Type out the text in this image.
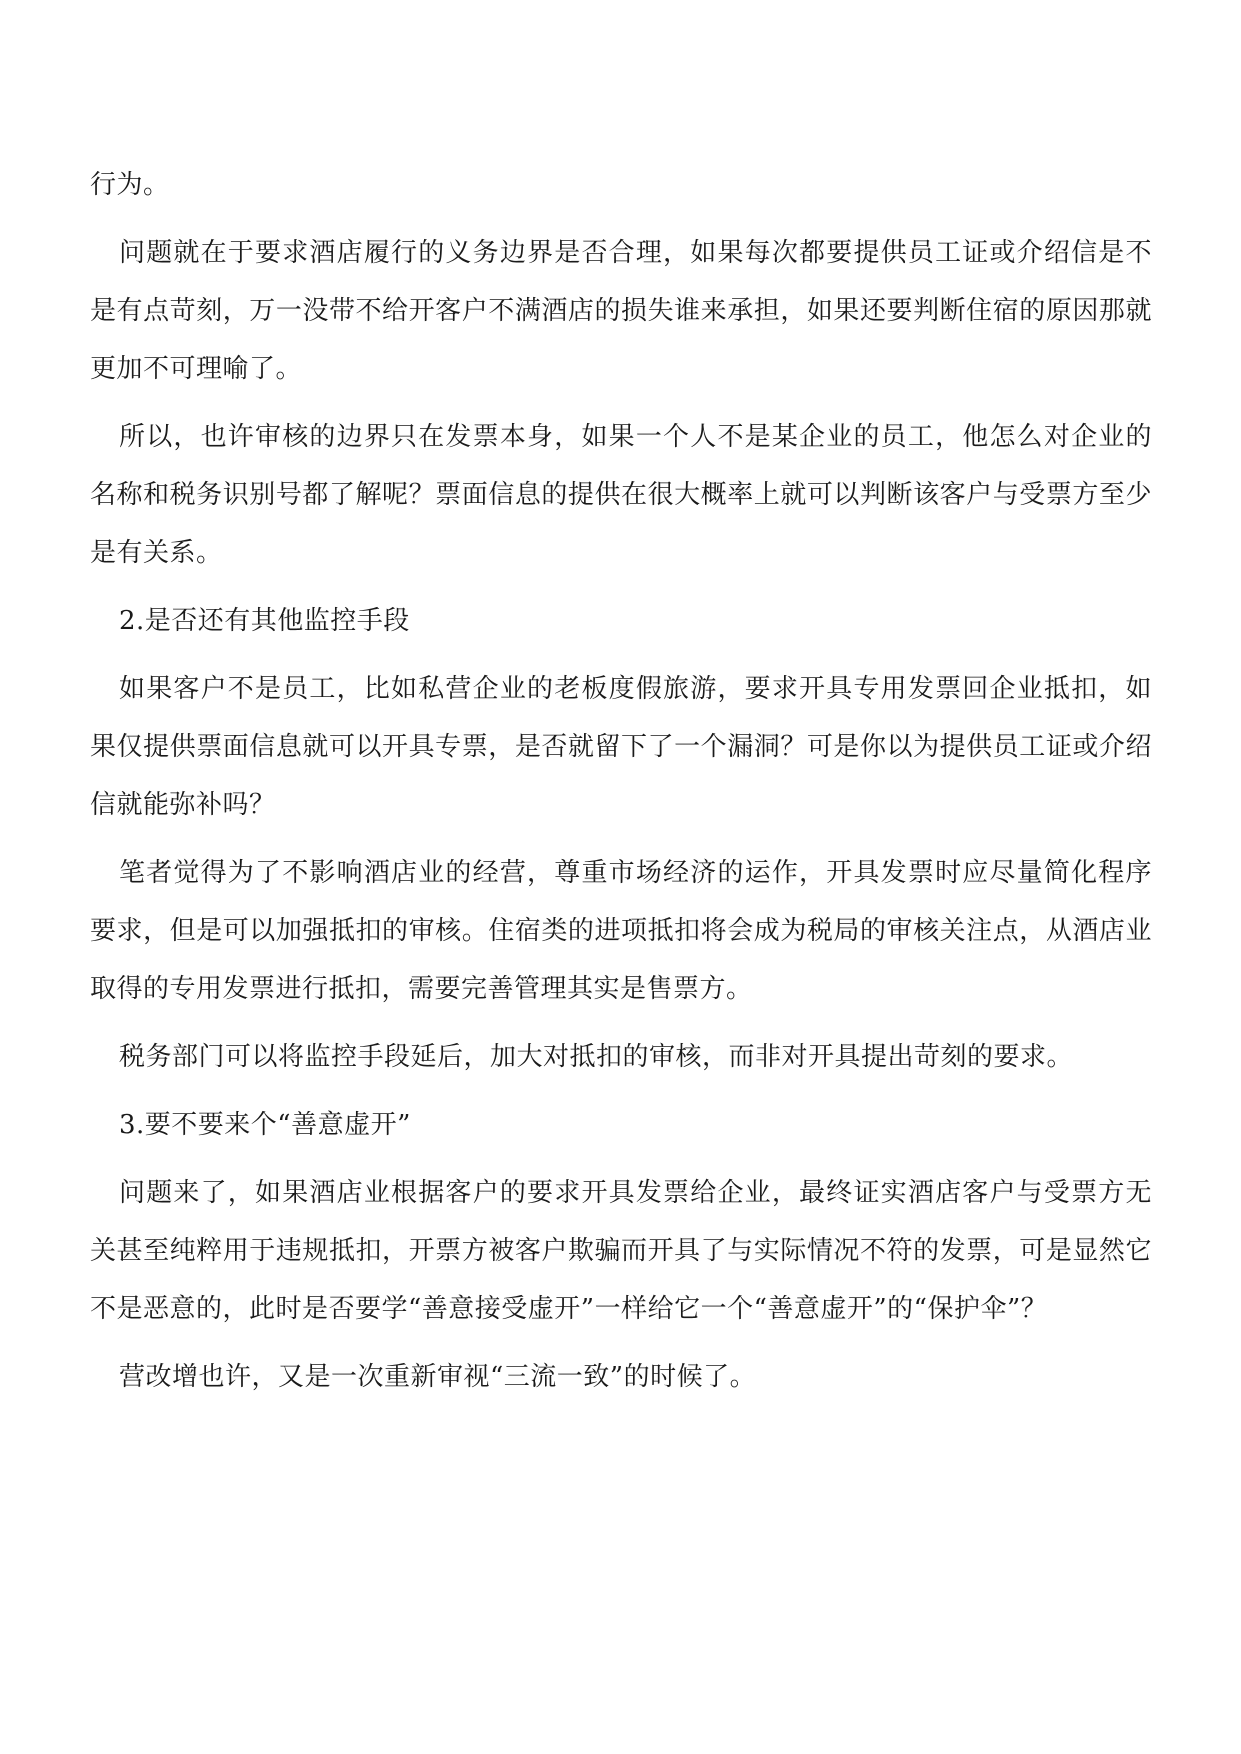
行为。

问题就在于要求酒店履行的义务边界是否合理，如果每次都要提供员工证或介绍信是不是有点苛刻，万一没带不给开客户不满酒店的损失谁来承担，如果还要判断住宿的原因那就更加不可理喻了。

所以，也许审核的边界只在发票本身，如果一个人不是某企业的员工，他怎么对企业的名称和税务识别号都了解呢？票面信息的提供在很大概率上就可以判断该客户与受票方至少是有关系。

2.是否还有其他监控手段

如果客户不是员工，比如私营企业的老板度假旅游，要求开具专用发票回企业抵扣，如果仅提供票面信息就可以开具专票，是否就留下了一个漏洞？可是你以为提供员工证或介绍信就能弥补吗？

笔者觉得为了不影响酒店业的经营，尊重市场经济的运作，开具发票时应尽量简化程序要求，但是可以加强抵扣的审核。住宿类的进项抵扣将会成为税局的审核关注点，从酒店业取得的专用发票进行抵扣，需要完善管理其实是售票方。

税务部门可以将监控手段延后，加大对抵扣的审核，而非对开具提出苛刻的要求。

3.要不要来个“善意虚开”

问题来了，如果酒店业根据客户的要求开具发票给企业，最终证实酒店客户与受票方无关甚至纯粹用于违规抵扣，开票方被客户欺骗而开具了与实际情况不符的发票，可是显然它不是恶意的，此时是否要学“善意接受虚开”一样给它一个“善意虚开”的“保护伞”？

营改增也许，又是一次重新审视“三流一致”的时候了。
